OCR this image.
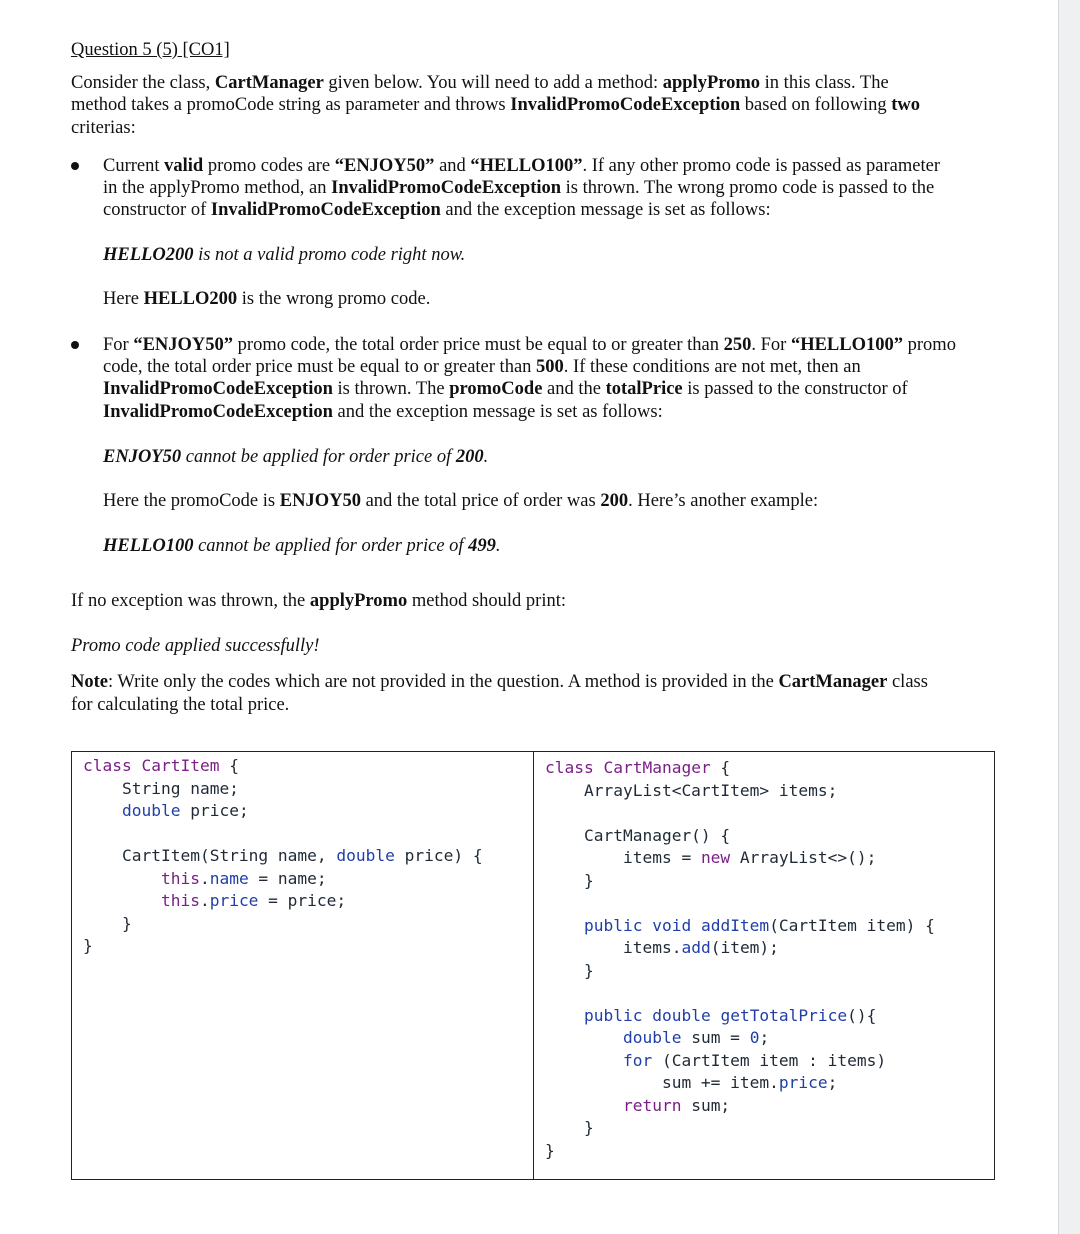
Question 5 (5) [CO1]
Consider the class, CartManager given below. You will need to add a method: applyPromo in this class. The
method takes a promoCode string as parameter and throws InvalidPromoCodeException based on following two
criterias:
Current valid promo codes are “ENJOY50” and “HELLO100”. If any other promo code is passed as parameter
in the applyPromo method, an InvalidPromoCodeException is thrown. The wrong promo code is passed to the
constructor of InvalidPromoCodeException and the exception message is set as follows:
HELLO200 is not a valid promo code right now.
Here HELLO200 is the wrong promo code.
For “ENJOY50” promo code, the total order price must be equal to or greater than 250. For “HELLO100” promo
code, the total order price must be equal to or greater than 500. If these conditions are not met, then an
InvalidPromoCodeException is thrown. The promoCode and the totalPrice is passed to the constructor of
InvalidPromoCodeException and the exception message is set as follows:
ENJOY50 cannot be applied for order price of 200.
Here the promoCode is ENJOY50 and the total price of order was 200. Here’s another example:
HELLO100 cannot be applied for order price of 499.
If no exception was thrown, the applyPromo method should print:
Promo code applied successfully!
Note: Write only the codes which are not provided in the question. A method is provided in the CartManager class
for calculating the total price.
class CartItem {
String name;
double price;

CartItem(String name, double price) {
this.name = name;
this.price = price;
}
}
class CartManager {
ArrayList<CartItem> items;

CartManager() {
items = new ArrayList<>();
}

public void addItem(CartItem item) {
items.add(item);
}

public double getTotalPrice(){
double sum = 0;
for (CartItem item : items)
sum += item.price;
return sum;
}
}
